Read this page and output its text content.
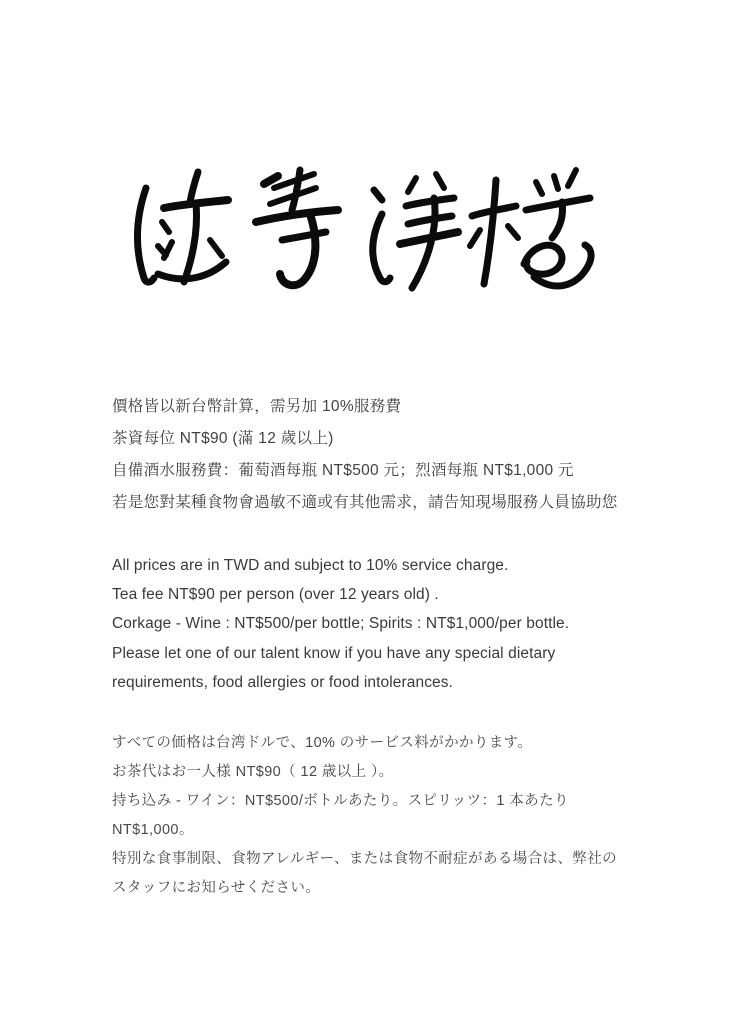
價格皆以新台幣計算，需另加 10%服務費

茶資每位 NT$90 (滿 12 歲以上)

自備酒水服務費：葡萄酒每瓶 NT$500 元；烈酒每瓶 NT$1,000 元

若是您對某種食物會過敏不適或有其他需求，請告知現場服務人員協助您

All prices are in TWD and subject to 10% service charge.

Tea fee NT$90 per person (over 12 years old) .

Corkage - Wine : NT$500/per bottle; Spirits : NT$1,000/per bottle.

Please let one of our talent know if you have any special dietary

requirements, food allergies or food intolerances.

すべての価格は台湾ドルで、10% のサービス料がかかります。

お茶代はお一人様 NT$90（ 12 歳以上 ）。

持ち込み - ワイン：NT$500/ボトルあたり。スピリッツ：1 本あたり

NT$1,000。

特別な食事制限、食物アレルギー、または食物不耐症がある場合は、弊社の

スタッフにお知らせください。
